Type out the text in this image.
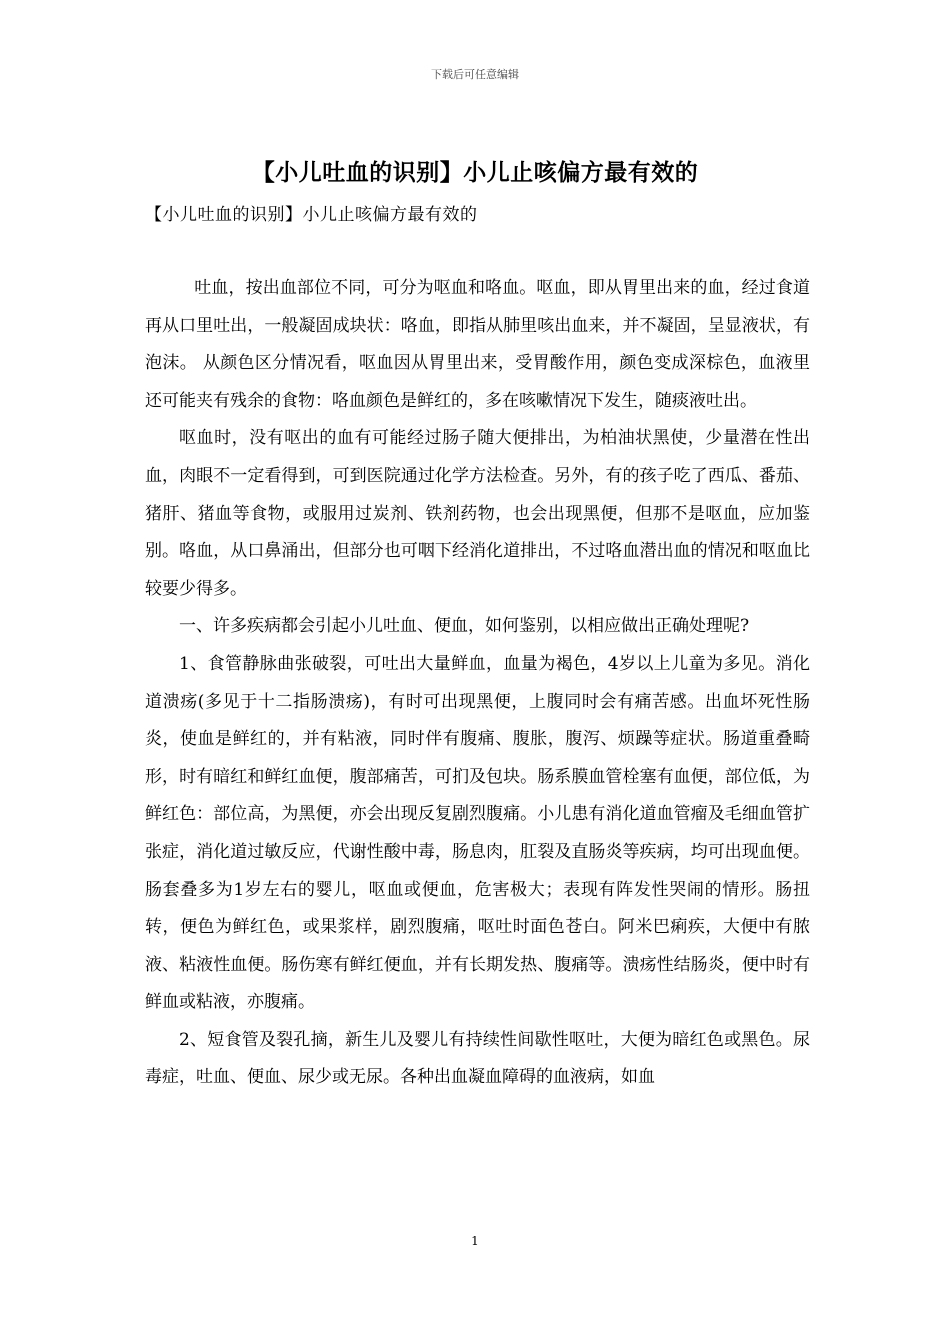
下载后可任意编辑
【小儿吐血的识别】小儿止咳偏方最有效的
【小儿吐血的识别】小儿止咳偏方最有效的

吐血，按出血部位不同，可分为呕血和咯血。呕血，即从胃里出来的血，经过食道再从口里吐出，一般凝固成块状：咯血，即指从肺里咳出血来，并不凝固，呈显液状，有泡沫。 从颜色区分情况看，呕血因从胃里出来，受胃酸作用，颜色变成深棕色，血液里还可能夹有残余的食物：咯血颜色是鲜红的，多在咳嗽情况下发生，随痰液吐出。

呕血时，没有呕出的血有可能经过肠子随大便排出，为柏油状黑使，少量潜在性出血，肉眼不一定看得到，可到医院通过化学方法检查。另外，有的孩子吃了西瓜、番茄、猪肝、猪血等食物，或服用过炭剂、铁剂药物，也会出现黑便，但那不是呕血，应加鉴别。咯血，从口鼻涌出，但部分也可咽下经消化道排出，不过咯血潜出血的情况和呕血比较要少得多。

一、许多疾病都会引起小儿吐血、便血，如何鉴别，以相应做出正确处理呢?

1、食管静脉曲张破裂，可吐出大量鲜血，血量为褐色，4岁以上儿童为多见。消化道溃疡(多见于十二指肠溃疡)，有时可出现黑便，上腹同时会有痛苦感。出血坏死性肠炎，使血是鲜红的，并有粘液，同时伴有腹痛、腹胀，腹泻、烦躁等症状。肠道重叠畸形，时有暗红和鲜红血便，腹部痛苦，可扪及包块。肠系膜血管栓塞有血便，部位低，为鲜红色：部位高，为黑便，亦会出现反复剧烈腹痛。小儿患有消化道血管瘤及毛细血管扩张症，消化道过敏反应，代谢性酸中毒，肠息肉，肛裂及直肠炎等疾病，均可出现血便。肠套叠多为1岁左右的婴儿，呕血或便血，危害极大；表现有阵发性哭闹的情形。肠扭转，便色为鲜红色，或果浆样，剧烈腹痛，呕吐时面色苍白。阿米巴痢疾，大便中有脓液、粘液性血便。肠伤寒有鲜红便血，并有长期发热、腹痛等。溃疡性结肠炎，便中时有鲜血或粘液，亦腹痛。

2、短食管及裂孔摘，新生儿及婴儿有持续性间歇性呕吐，大便为暗红色或黑色。尿毒症，吐血、便血、尿少或无尿。各种出血凝血障碍的血液病，如血

1
